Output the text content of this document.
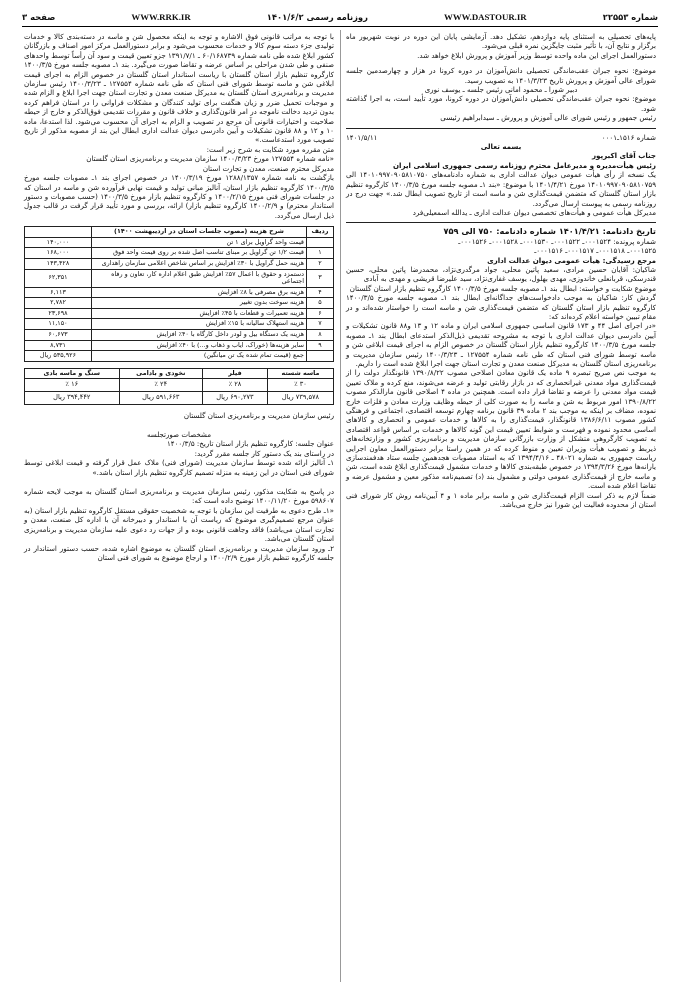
شماره ۲۲۵۵۳
WWW.DASTOUR.IR
روزنامه رسمی ۱۴۰۱/۶/۲
WWW.RRK.IR
صفحه ۳

پایه‌های تحصیلی به استثنای پایه دوازدهم، تشکیل دهد. آزمایشی پایان این دوره در نوبت شهریور ماه برگزار و نتایج آن، با تأثیر مثبت جایگزین نمره قبلی می‌شود.

دستورالعمل اجرای این ماده واحده توسط وزیر آموزش و پرورش ابلاغ خواهد شد.

موضوع: نحوه جبران عقب‌ماندگی تحصیلی دانش‌آموزان در دوره کرونا در هزار و چهارصدمین جلسه شورای عالی آموزش و پرورش تاریخ ۱۴۰۱/۳/۲۳ به تصویب رسید.

دبیر شورا ـ محمود امانی رئیس جلسه ـ یوسف نوری

موضوع: نحوه جبران عقب‌ماندگی تحصیلی دانش‌آموزان در دوره کرونا، مورد تأیید است، به اجرا گذاشته شود.

رئیس جمهور و رئیس شورای عالی آموزش و پرورش ـ سیدابراهیم رئیسی

شماره ۱۵۱۶ـ۰۰۰۱
۱۴۰۱/۵/۱۱

بسمه تعالی

جناب آقای اکبرپور

رئیس هیأت‌مدیره و مدیرعامل محترم روزنامه رسمی جمهوری اسلامی ایران

یک نسخه از رأی هیأت عمومی دیوان عدالت اداری به شماره دادنامه‌های ۱۴۰۱۰۹۹۷۰۹۰۵۸۱۰۷۵۰ الی ۱۴۰۱۰۹۹۷۰۹۰۵۸۱۰۷۵۹ مورخ ۱۴۰۱/۴/۲۱ با موضوع: «بند ۱ـ مصوبه جلسه مورخ ۱۴۰۰/۳/۵ کارگروه تنظیم بازار استان گلستان که متضمن قیمت‌گذاری شن و ماسه است از تاریخ تصویب ابطال شد.» جهت درج در روزنامه رسمی به پیوست ارسال می‌گردد.

مدیرکل هیأت عمومی و هیأت‌های تخصصی دیوان عدالت اداری ـ یدالله اسمعیلی‌فرد

تاریخ دادنامه: ۱۴۰۱/۴/۲۱ شماره دادنامه: ۷۵۰ الی ۷۵۹

شماره پرونده: ۰۰۰۱۵۲۴ـ ۰۰۰۱۵۲۲ـ ۰۰۰۱۵۳۰ـ ۰۰۰۱۵۲۸ـ ۰۰۰۱۵۲۶ـ

۰۰۰۱۵۲۵ـ ۰۰۰۱۵۱۸ـ ۰۰۰۱۵۱۷ـ ۰۰۰۱۵۱۶ـ

مرجع رسیدگی: هیأت عمومی دیوان عدالت اداری

شاکیان: آقایان حسین مرادی، سعید پاتین محلی، جواد مرگدری‌نژاد، محمدرضا پاتین محلی، حسین قندرسکی، قربانعلی خاندوزی، مهدی بهلول، یوسف غفاری‌نژاد، سید علیرضا قریشی و مهدی به آبادی

موضوع شکایت و خواسته: ابطال بند ۱ـ مصوبه جلسه مورخ ۱۴۰۰/۳/۵ کارگروه تنظیم بازار استان گلستان

گردش کار: شاکیان به موجب دادخواست‌های جداگانه‌ای ابطال بند ۱ـ مصوبه جلسه مورخ ۱۴۰۰/۳/۵ کارگروه تنظیم بازار استان گلستان که متضمن قیمت‌گذاری شن و ماسه است را خواستار شده‌اند و در مقام تبیین خواسته اعلام کرده‌اند که:

«در اجرای اصل ۴۴ و ۱۷۳ قانون اساسی جمهوری اسلامی ایران و ماده ۱۲ و ۱۳ و۸۸ قانون تشکیلات و آیین دادرسی دیوان عدالت اداری با توجه به مشروحه تقدیمی ذیل‌الذکر استدعای ابطال بند ۱ـ مصوبه جلسه مورخ ۱۴۰۰/۳/۵ کارگروه تنظیم بازار استان گلستان در خصوص الزام به اجرای قیمت ابلاغی شن و ماسه توسط شورای فنی استان که طی نامه شماره ۱۲۷۵۵۴ ـ ۱۴۰۰/۳/۲۳ رئیس سازمان مدیریت و برنامه‌ریزی استان گلستان به مدیرکل صنعت معدن و تجارت استان جهت اجرا ابلاغ شده است را داریم.

به موجب نص صریح تبصره ۹ ماده یک قانون معادن اصلاحی مصوب ۱۳۹۰/۸/۲۲ قانونگذار دولت را از قیمت‌گذاری مواد معدنی غیرانحصاری که در بازار رقابتی تولید و عرضه می‌شوند، منع کرده و ملاک تعیین قیمت مواد معدنی را عرضه و تقاضا قرار داده است. همچنین در ماده ۴ اصلاحی قانون مارالذکر مصوب ۱۳۹۰/۸/۲۲ امور مربوط به شن و ماسه را به صورت کلی از حیطه وظایف وزارت معادن و فلزات خارج نموده، مضاف بر اینکه به موجب بند ۲ ماده ۳۹ قانون برنامه چهارم توسعه اقتصادی، اجتماعی و فرهنگی کشور مصوب ۱۳۸۶/۶/۱۱ قانونگذار، قیمت‌گذاری را به کالاها و خدمات عمومی و انحصاری و کالاهای اساسی محدود نموده و فهرست و ضوابط تعیین قیمت این گونه کالاها و خدمات بر اساس قواعد اقتصادی به تصویب کارگروهی متشکل از وزارت بازرگانی سازمان مدیریت و برنامه‌ریزی کشور و وزارتخانه‌های ذیربط و تصویب هیأت وزیران تعیین و منوط کرده که در همین راستا برابر دستورالعمل معاون اجرایی ریاست جمهوری به شماره ۴۸۰۲۱ ـ ۱۳۹۴/۴/۱۶ که به استناد مصوبات هجدهمین جلسه ستاد هدفمندسازی یارانه‌ها مورخ ۱۳۹۴/۳/۲۶ در خصوص طبقه‌بندی کالاها و خدمات مشمول قیمت‌گذاری ابلاغ شده است، شن و ماسه خارج از قیمت‌گذاری عمومی دولتی و مشمول بند (د) تصمیم‌نامه مذکور معین و مشمول عرضه و تقاضا اعلام شده است.

ضمناً لازم به ذکر است الزام قیمت‌گذاری شن و ماسه برابر ماده ۱ و ۴ آیین‌نامه روش کار شورای فنی استان از محدوده فعالیت این شورا نیز خارج می‌باشد.

با توجه به مراتب قانونی فوق الاشاره و توجه به اینکه محصول شن و ماسه در دسته‌بندی کالا و خدمات تولیدی جزء دسته سوم کالا و خدمات محسوب می‌شود و برابر دستورالعمل مرکز امور اصناف و بازرگانان کشور ابلاغ شده طی نامه شماره ۶۰/۱۶۸۷۳۹ ـ ۱۳۹۱/۷/۱ جزو تعیین قیمت و سود آن رأساً توسط واحدهای صنفی و طی شدن مراحلی بر اساس عرضه و تقاضا صورت می‌گیرد. بند ۱ـ مصوبه جلسه مورخ ۱۴۰۰/۳/۵ کارگروه تنظیم بازار استان گلستان با ریاست استاندار استان گلستان در خصوص الزام به اجرای قیمت ابلاغی شن و ماسه توسط شورای فنی استان که طی نامه شماره ۱۲۷۵۵۴ ـ ۱۴۰۰/۳/۲۳ رئیس سازمان مدیریت و برنامه‌ریزی استان گلستان به مدیرکل صنعت معدن و تجارت استان جهت اجرا ابلاغ و الزام شده و موجبات تحمیل ضرر و زیان هنگفت برای تولید کنندگان و مشکلات فراوانی را در استان فراهم کرده بدون تردید دخالت ناموجه در امر قانون‌گذاری و خلاف قانون و مقررات تقدیمی فوق‌الذکر و خارج از حیطه صلاحیت و اختیارات قانونی آن مرجع در تصویب و الزام به اجرای آن محسوب می‌شود. لذا استدعا، ماده ۱۰ و ۱۲ و ۸۸ قانون تشکیلات و آیین دادرسی دیوان عدالت اداری ابطال این بند از مصوبه مذکور از تاریخ تصویب مورد استدعاست.»

متن مقرره مورد شکایت به شرح زیر است:

«نامه شماره ۱۲۷۵۵۴ مورخ ۱۴۰۰/۳/۲۳ سازمان مدیریت و برنامه‌ریزی استان گلستان

مدیرکل محترم صنعت، معدن و تجارت استان

بازگشت به نامه شماره ۱۲۸۸/۱۳۵۷ مورخ ۱۴۰۰/۳/۱۹ در خصوص اجرای بند ۱ـ مصوبات جلسه مورخ ۱۴۰۰/۳/۵ کارگروه تنظیم بازار استان، آنالیز مبانی تولید و قیمت نهایی فرآورده شن و ماسه در استان که در جلسات شورای فنی مورخ ۱۴۰۰/۲/۱۵ و کارگروه تنظیم بازار مورخ ۱۴۰۰/۳/۵ (حسب مصوبات و دستور استاندار محترم) و ۱۴۰۰/۲/۹ کارگروه تنظیم بازار) ارائه، بررسی و مورد تأیید قرار گرفت در قالب جدول ذیل ارسال می‌گردد.

ردیف	شرح هزینه (مصوب جلسات استان در اردیبهشت ۱۴۰۰)	
	قیمت واحد گراویل برای ۱ تن	۱۴۰,۰۰۰
۱	قیمت ۱/۲ تن گراویل بر مبنای تناسب اصل شده بر روی قیمت واحد فوق	۱۶۸,۰۰۰
۲	هزینه حمل گراویل با ۳۰٪ افزایش بر اساس شاخص اعلامی سازمان راهداری	۱۴۳,۴۲۸
۳	دستمزد و حقوق با اعمال ۵۷٪ افزایش طبق اعلام اداره کار، تعاون و رفاه اجتماعی	۶۲,۳۵۱
۴	هزینه برق مصرفی با ۸٪ افزایش	۶,۱۱۳
۵	هزینه سوخت بدون تغییر	۲,۷۸۲
۶	هزینه تعمیرات و قطعات با ۴۵٪ افزایش	۲۳,۶۹۸
۷	هزینه استهلاک سالیانه با ۱۵٪ افزایش	۱۱,۱۵۰
۸	هزینه یک دستگاه بیل و لودر داخل کارگاه با ۴۰٪ افزایش	۶۰,۶۷۳
۹	سایر هزینه‌ها (خوراک، ایاب و ذهاب و...) با ۴۰٪ افزایش	۸,۷۳۱
	جمع (قیمت تمام شده یک تن میانگین)	۵۳۵,۹۲۶ ریال
ماسه شسته	فیلر	نخودی و بادامی	سنگ و ماسه بادی
۳۰ ٪	۲۸ ٪	۲۴ ٪	۱۶ ٪
۷۳۹,۵۷۸ ریال	۶۹۰,۲۷۳ ریال	۵۹۱,۶۶۳ ریال	۳۹۴,۴۴۲ ریال

رئیس سازمان مدیریت و برنامه‌ریزی استان گلستان

مشخصات صورتجلسه

عنوان جلسه: کارگروه تنظیم بازار استان تاریخ: ۱۴۰۰/۳/۵

در راستای بند یک دستور کار جلسه مقرر گردید:

۱ـ آنالیز ارائه شده توسط سازمان مدیریت (شورای فنی) ملاک عمل قرار گرفته و قیمت ابلاغی توسط شورای فنی استان در این زمینه به منزله تصمیم کارگروه تنظیم بازار استان باشد.»

در پاسخ به شکایت مذکور، رئیس سازمان مدیریت و برنامه‌ریزی استان گلستان به موجب لایحه شماره ۵۹۸۶۰۷ مورخ ۱۴۰۰/۱۱/۲۰ توضیح داده است که:

«۱ـ طرح دعوی به طرفیت این سازمان با توجه به شخصیت حقوقی مستقل کارگروه تنظیم بازار استان (به عنوان مرجع تصمیم‌گیری موضوع که ریاست آن با استاندار و دبیرخانه آن با اداره کل صنعت، معدن و تجارت استان می‌باشد) فاقد وجاهت قانونی بوده و از جهات رد دعوی علیه سازمان مدیریت و برنامه‌ریزی استان گلستان می‌باشد.

۲ـ ورود سازمان مدیریت و برنامه‌ریزی استان گلستان به موضوع اشاره شده، حسب دستور استاندار در جلسه کارگروه تنظیم بازار مورخ ۱۴۰۰/۲/۹ و ارجاع موضوع به شورای فنی استان
